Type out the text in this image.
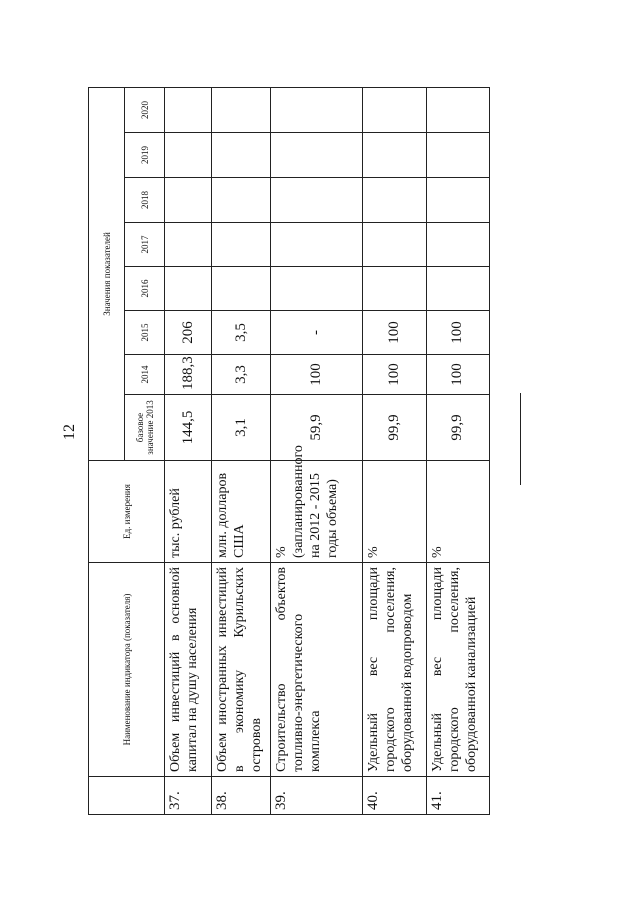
12
	Наименование индикатора (показателя)	Ед. измерения	Значения показателей							
			базовое значение 2013	2014	2015	2016	2017	2018	2019	2020
37.	Объем инвестиций в основной капитал на душу населения	тыс. рублей	144,5	188,3	206					
38.	Объем иностранных инвестиций в экономику Курильских островов	млн. долларов США	3,1	3,3	3,5					
39.	Строительство объектов топливно-энергетического комплекса	% (запланированного на 2012 - 2015 годы объема)	59,9	100	-					
40.	Удельный вес площади городского поселения, оборудованной водопроводом	%	99,9	100	100					
41.	Удельный вес площади городского поселения, оборудованной канализацией	%	99,9	100	100					
